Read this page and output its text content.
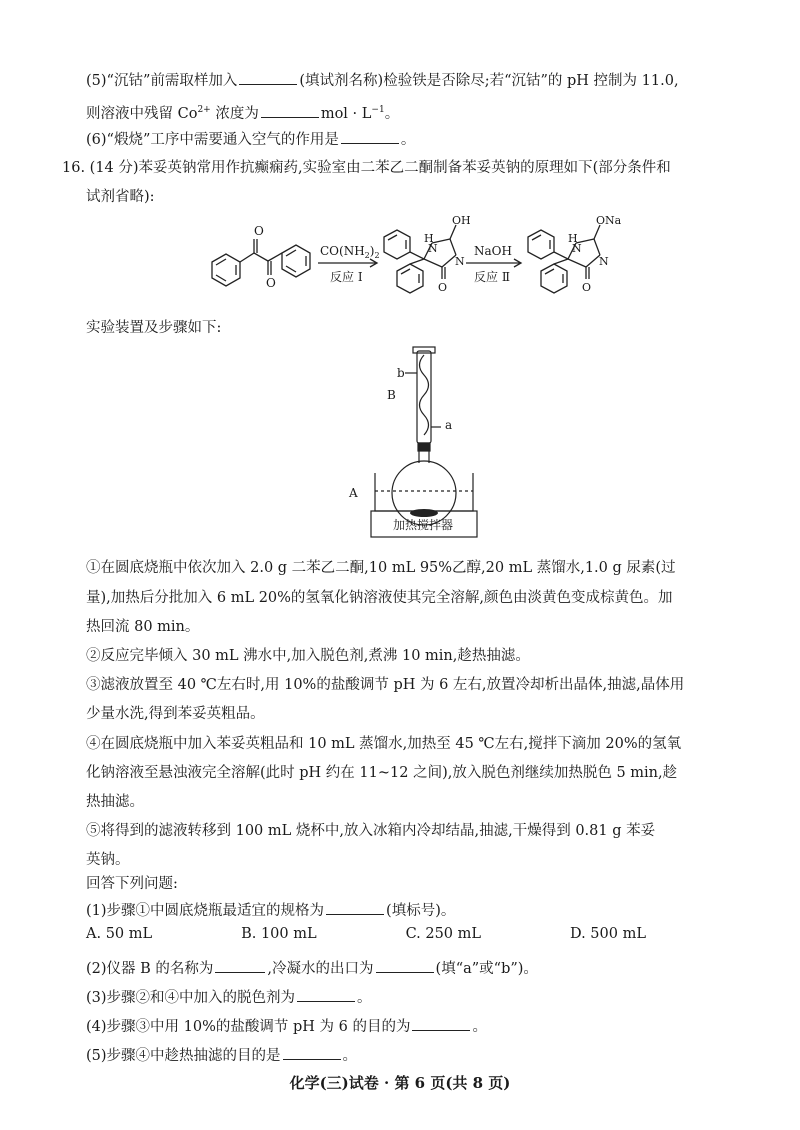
(5)“沉钴”前需取样加入	(填试剂名称)检验铁是否除尽;若“沉钴”的 pH 控制为 11.0,
则溶液中残留 $Co^{2+}$ 浓度为	mol · $L^{-1}$。
(6)“煅烧”工序中需要通入空气的作用是	。
16. (14 分)苯妥英钠常用作抗癫痫药,实验室由二苯乙二酮制备苯妥英钠的原理如下(部分条件和
试剂省略):
O
O
$CO(NH_2)_2$
反应 Ⅰ
H
N
N
OH
O
NaOH
反应 Ⅱ
H
N
N
ONa
O
实验装置及步骤如下:
b
B
a
A
加热搅拌器
①在圆底烧瓶中依次加入 2.0 g 二苯乙二酮,10 mL 95%乙醇,20 mL 蒸馏水,1.0 g 尿素(过
量),加热后分批加入 6 mL 20%的氢氧化钠溶液使其完全溶解,颜色由淡黄色变成棕黄色。加
热回流 80 min。
②反应完毕倾入 30 mL 沸水中,加入脱色剂,煮沸 10 min,趁热抽滤。
③滤液放置至 40 ℃左右时,用 10%的盐酸调节 pH 为 6 左右,放置冷却析出晶体,抽滤,晶体用
少量水洗,得到苯妥英粗品。
④在圆底烧瓶中加入苯妥英粗品和 10 mL 蒸馏水,加热至 45 ℃左右,搅拌下滴加 20%的氢氧
化钠溶液至悬浊液完全溶解(此时 pH 约在 11~12 之间),放入脱色剂继续加热脱色 5 min,趁
热抽滤。
⑤将得到的滤液转移到 100 mL 烧杯中,放入冰箱内冷却结晶,抽滤,干燥得到 0.81 g 苯妥
英钠。
回答下列问题:
(1)步骤①中圆底烧瓶最适宜的规格为	(填标号)。
A. 50 mL	B. 100 mL	C. 250 mL	D. 500 mL
(2)仪器 B 的名称为	,冷凝水的出口为	(填“a”或“b”)。
(3)步骤②和④中加入的脱色剂为	。
(4)步骤③中用 10%的盐酸调节 pH 为 6 的目的为	。
(5)步骤④中趁热抽滤的目的是	。
化学(三)试卷 · 第 6 页(共 8 页)
